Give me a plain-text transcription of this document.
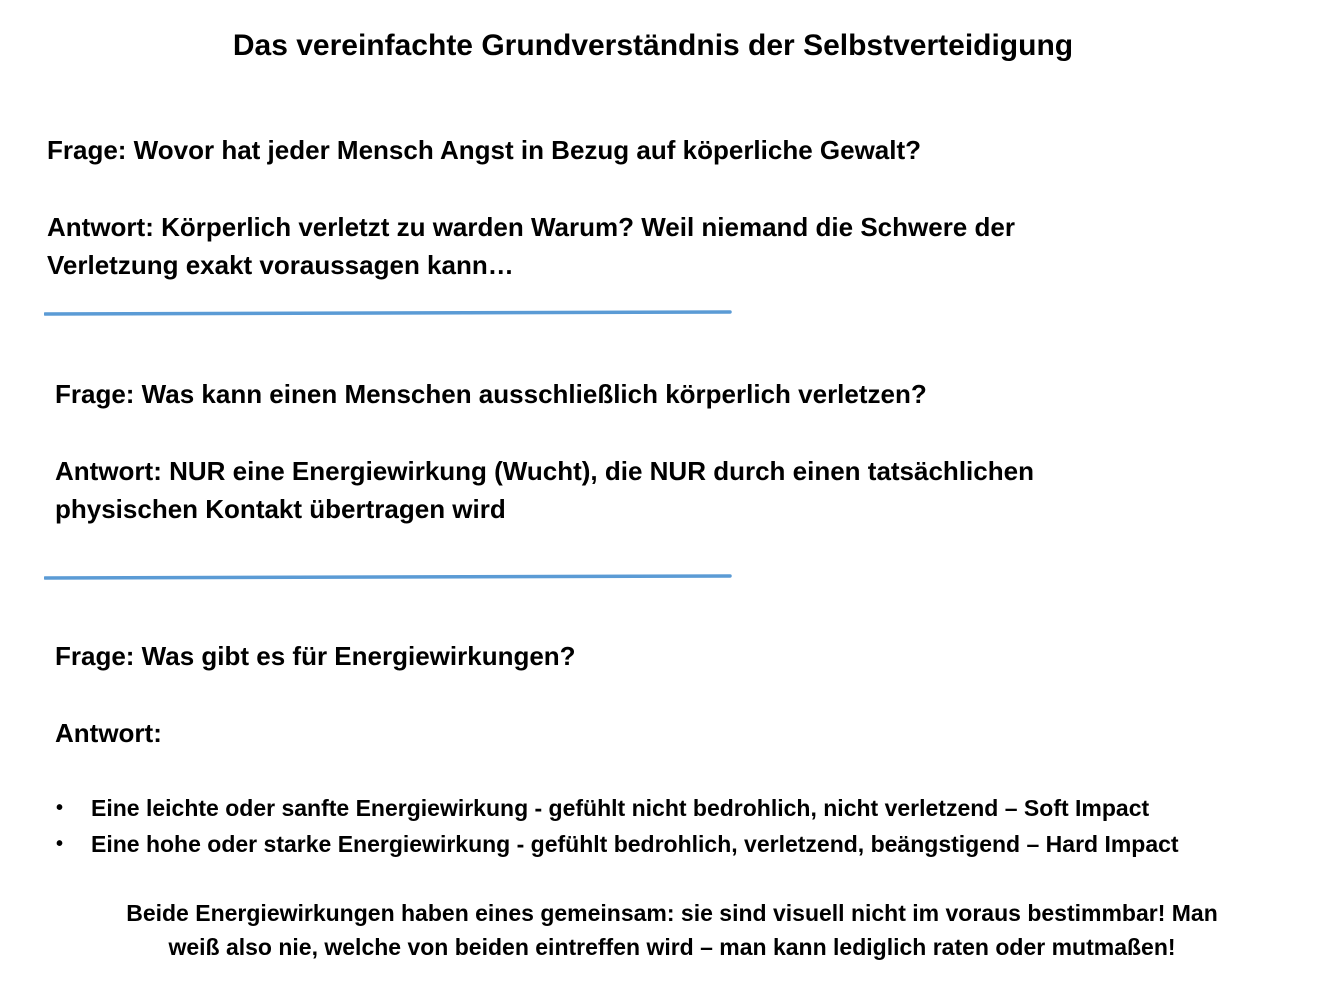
Das vereinfachte Grundverständnis der Selbstverteidigung
Frage: Wovor hat jeder Mensch Angst in Bezug auf köperliche Gewalt?
Antwort: Körperlich verletzt zu warden Warum? Weil niemand die Schwere der
Verletzung exakt voraussagen kann…
Frage: Was kann einen Menschen ausschließlich körperlich verletzen?
Antwort: NUR eine Energiewirkung (Wucht), die NUR durch einen tatsächlichen
physischen Kontakt übertragen wird
Frage: Was gibt es für Energiewirkungen?
Antwort:
• Eine leichte oder sanfte Energiewirkung - gefühlt nicht bedrohlich, nicht verletzend – Soft Impact
• Eine hohe oder starke Energiewirkung - gefühlt bedrohlich, verletzend, beängstigend – Hard Impact
Beide Energiewirkungen haben eines gemeinsam: sie sind visuell nicht im voraus bestimmbar! Man
weiß also nie, welche von beiden eintreffen wird – man kann lediglich raten oder mutmaßen!
